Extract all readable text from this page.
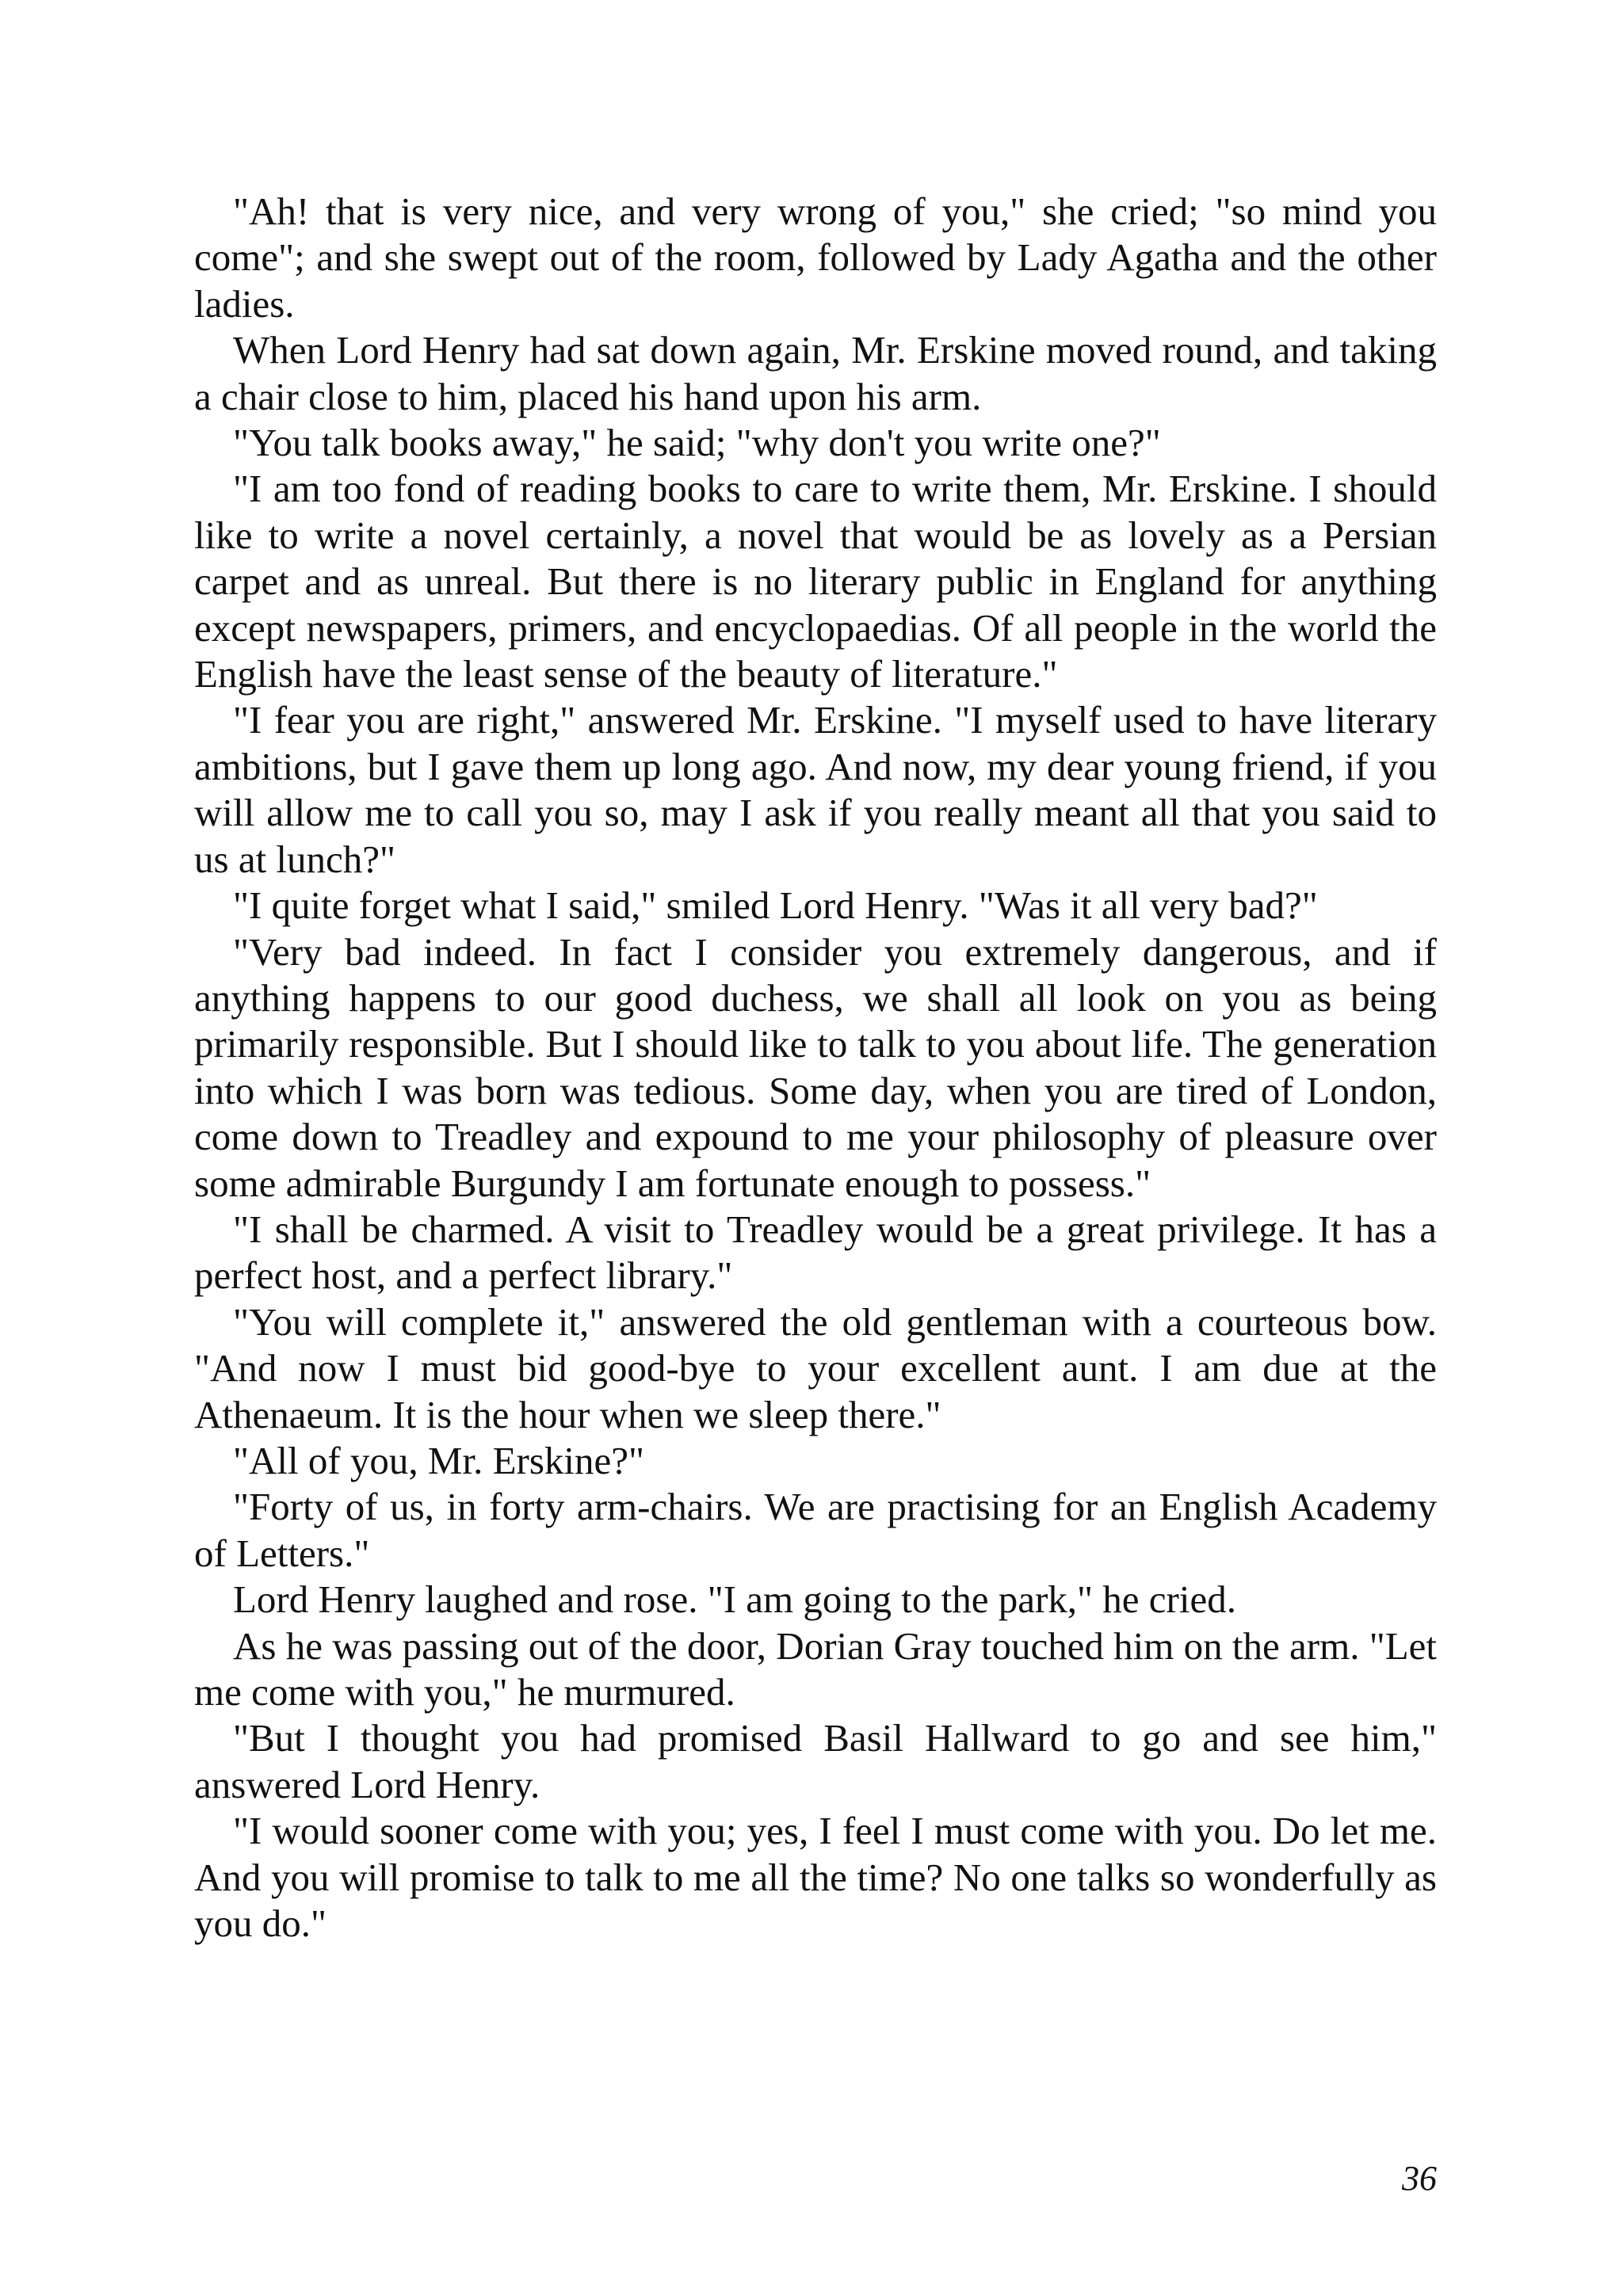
"Ah! that is very nice, and very wrong of you," she cried; "so mind you come"; and she swept out of the room, followed by Lady Agatha and the other ladies.

When Lord Henry had sat down again, Mr. Erskine moved round, and taking a chair close to him, placed his hand upon his arm.

"You talk books away," he said; "why don't you write one?"

"I am too fond of reading books to care to write them, Mr. Erskine. I should like to write a novel certainly, a novel that would be as lovely as a Persian carpet and as unreal. But there is no literary public in England for anything except newspapers, primers, and encyclopaedias. Of all people in the world the English have the least sense of the beauty of literature."

"I fear you are right," answered Mr. Erskine. "I myself used to have literary ambitions, but I gave them up long ago. And now, my dear young friend, if you will allow me to call you so, may I ask if you really meant all that you said to us at lunch?"

"I quite forget what I said," smiled Lord Henry. "Was it all very bad?"

"Very bad indeed. In fact I consider you extremely dangerous, and if anything happens to our good duchess, we shall all look on you as being primarily responsible. But I should like to talk to you about life. The generation into which I was born was tedious. Some day, when you are tired of London, come down to Treadley and expound to me your philosophy of pleasure over some admirable Burgundy I am fortunate enough to possess."

"I shall be charmed. A visit to Treadley would be a great privilege. It has a perfect host, and a perfect library."

"You will complete it," answered the old gentleman with a courteous bow. "And now I must bid good-bye to your excellent aunt. I am due at the Athenaeum. It is the hour when we sleep there."

"All of you, Mr. Erskine?"

"Forty of us, in forty arm-chairs. We are practising for an English Academy of Letters."

Lord Henry laughed and rose. "I am going to the park," he cried.

As he was passing out of the door, Dorian Gray touched him on the arm. "Let me come with you," he murmured.

"But I thought you had promised Basil Hallward to go and see him," answered Lord Henry.

"I would sooner come with you; yes, I feel I must come with you. Do let me. And you will promise to talk to me all the time? No one talks so wonderfully as you do."

36
